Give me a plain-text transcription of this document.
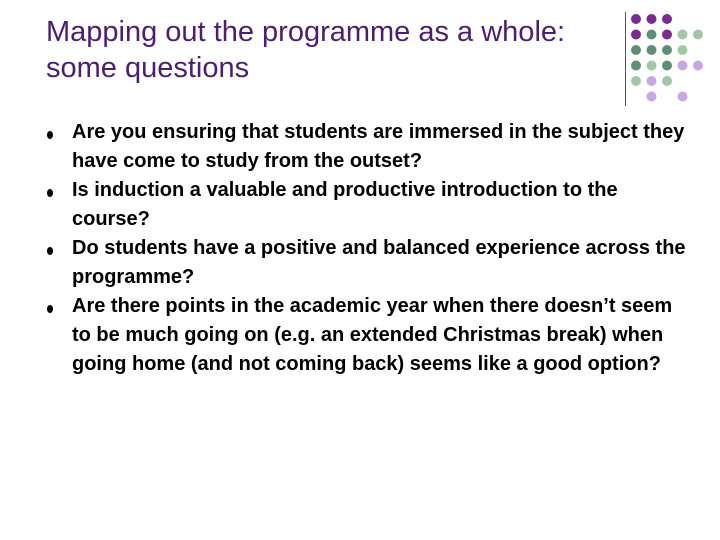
Mapping out the programme as a whole: some questions
Are you ensuring that students are immersed in the subject they have come to study from the outset?
Is induction a valuable and productive introduction to the course?
Do students have a positive and balanced experience across the programme?
Are there points in the academic year when there doesn’t seem to be much going on (e.g. an extended Christmas break) when going home (and not coming back) seems like a good option?
